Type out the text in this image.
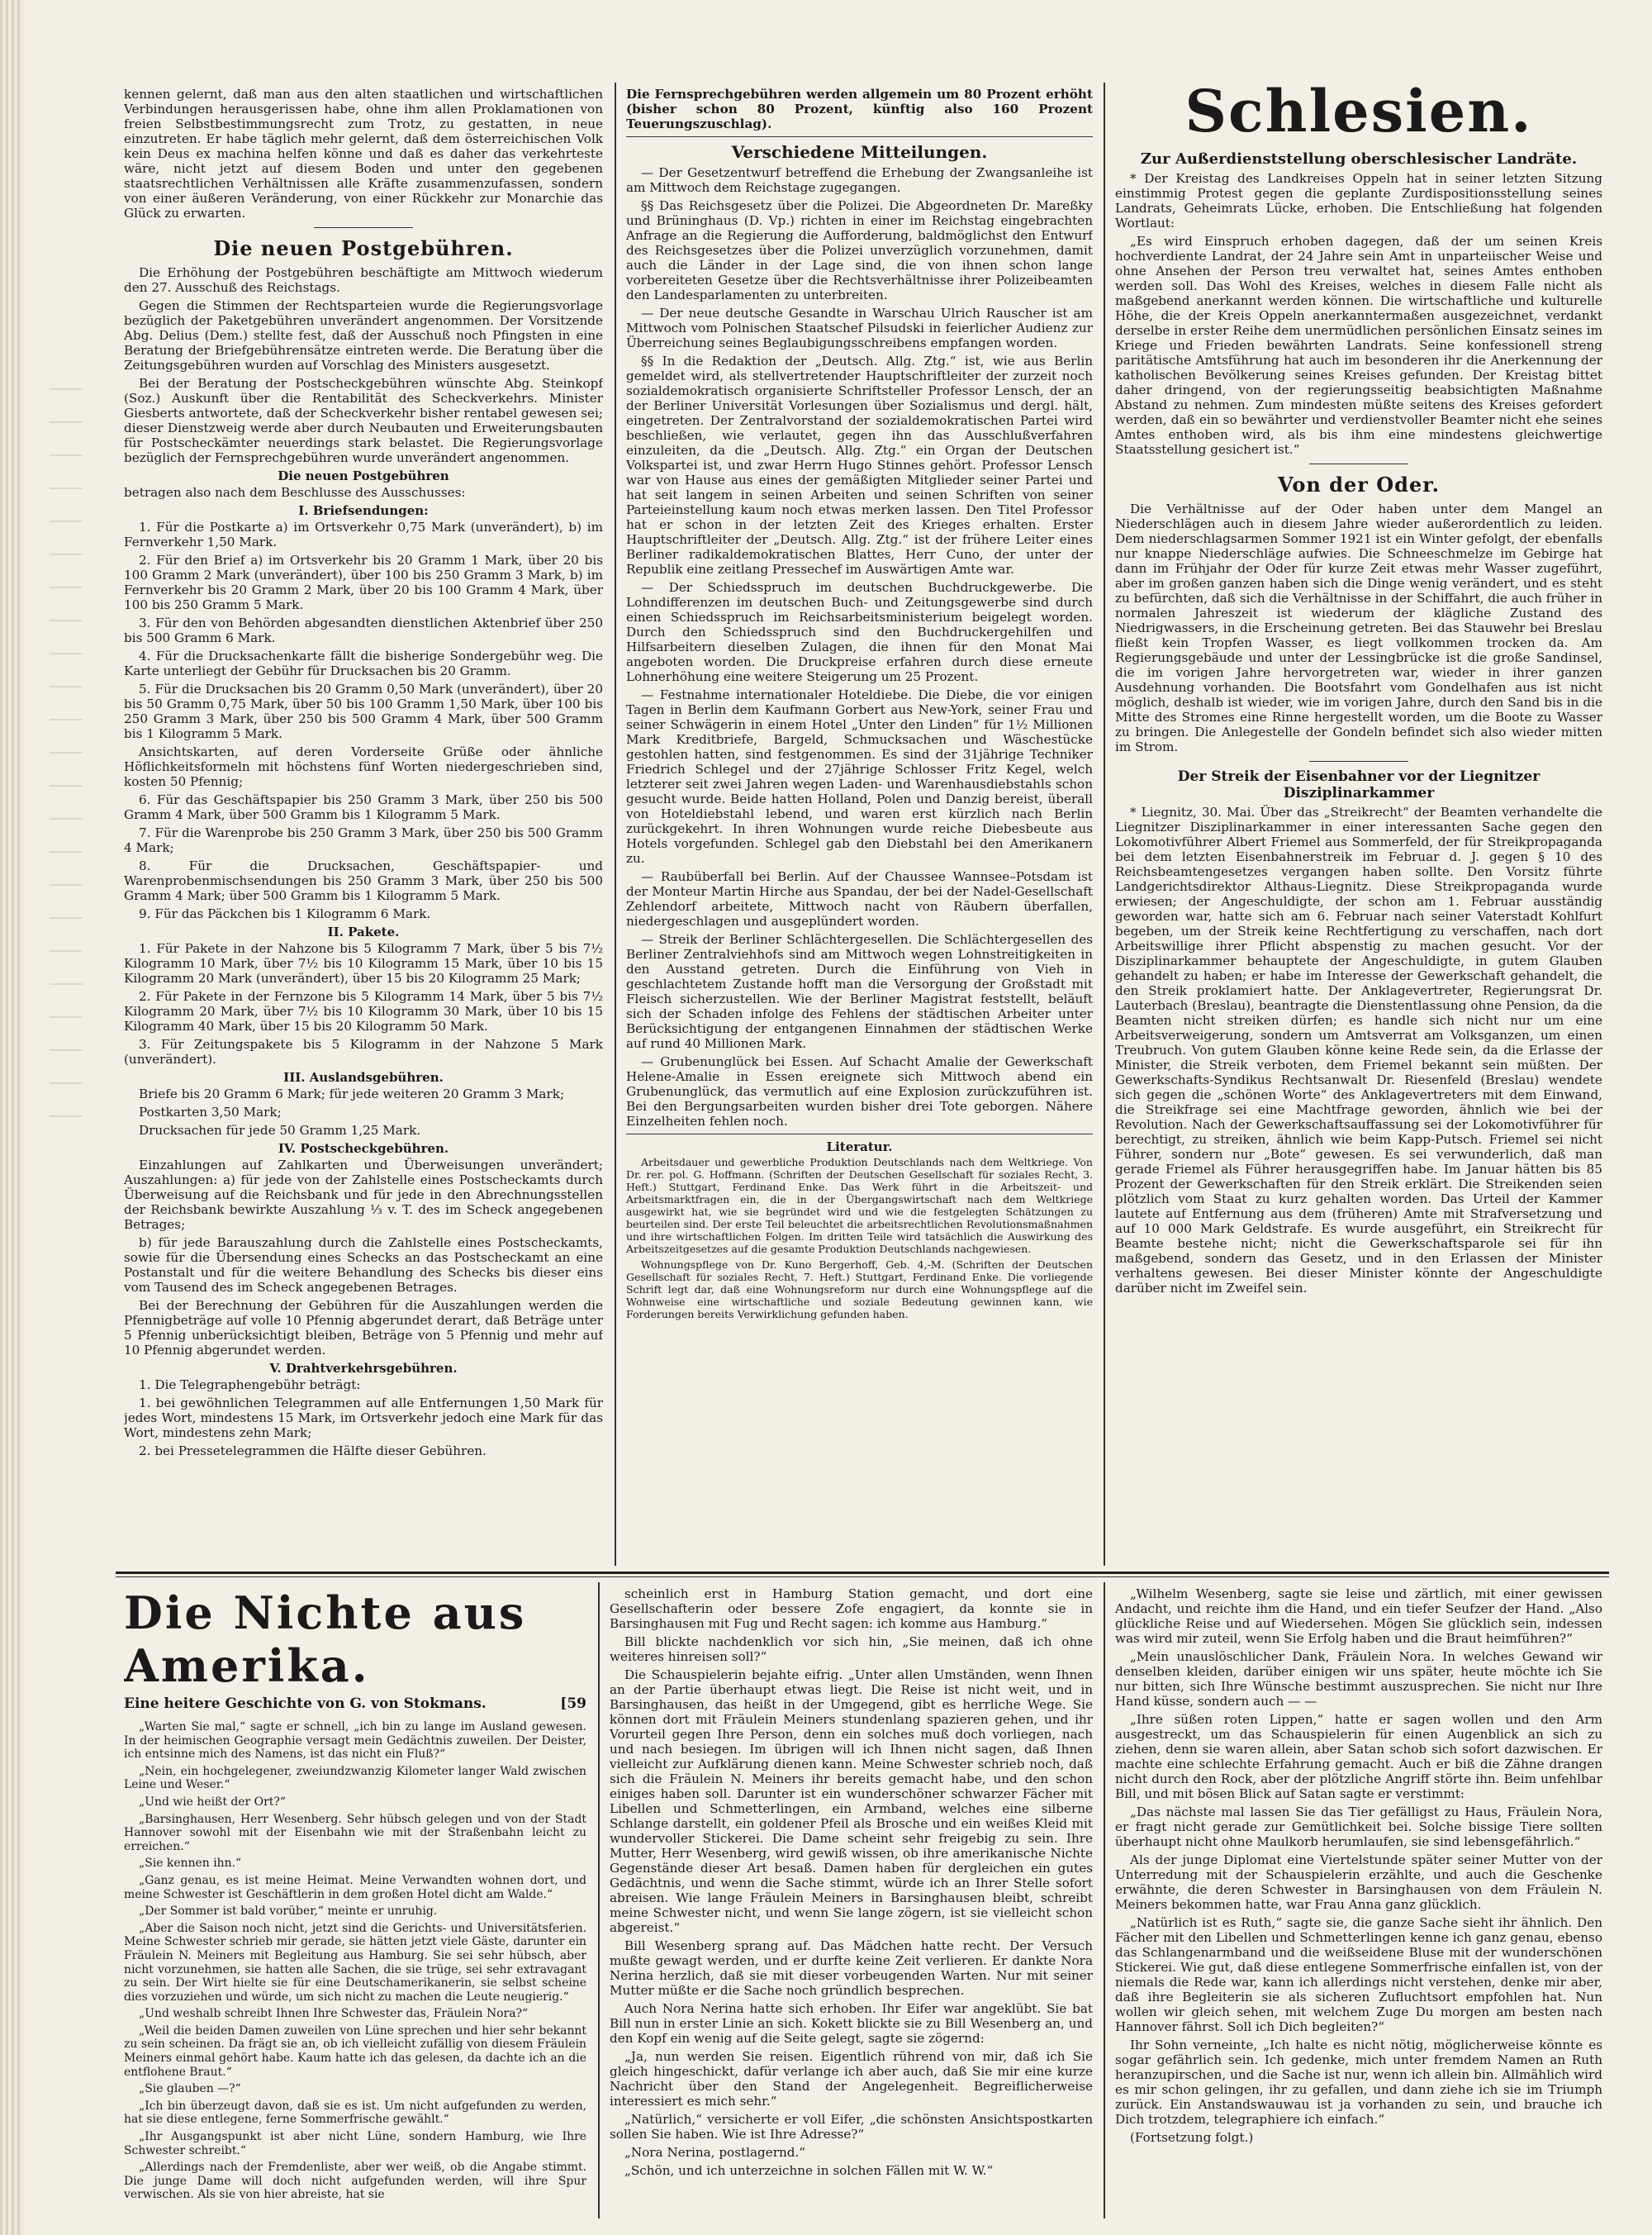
kennen gelernt, daß man aus den alten staatlichen und wirtschaftlichen Verbindungen herausgerissen habe, ohne ihm allen Proklamationen von freien Selbstbestimmungsrecht zum Trotz, zu gestatten, in neue einzutreten. Er habe täglich mehr gelernt, daß dem österreichischen Volk kein Deus ex machina helfen könne und daß es daher das verkehrteste wäre, nicht jetzt auf diesem Boden und unter den gegebenen staatsrechtlichen Verhältnissen alle Kräfte zusammenzufassen, sondern von einer äußeren Veränderung, von einer Rückkehr zur Monarchie das Glück zu erwarten.

Die neuen Postgebühren.

Die Erhöhung der Postgebühren beschäftigte am Mittwoch wiederum den 27. Ausschuß des Reichstags.

Gegen die Stimmen der Rechtsparteien wurde die Regierungsvorlage bezüglich der Paketgebühren unverändert angenommen. Der Vorsitzende Abg. Delius (Dem.) stellte fest, daß der Ausschuß noch Pfingsten in eine Beratung der Briefgebührensätze eintreten werde. Die Beratung über die Zeitungsgebühren wurden auf Vorschlag des Ministers ausgesetzt.

Bei der Beratung der Postscheckgebühren wünschte Abg. Steinkopf (Soz.) Auskunft über die Rentabilität des Scheckverkehrs. Minister Giesberts antwortete, daß der Scheckverkehr bisher rentabel gewesen sei; dieser Dienstzweig werde aber durch Neubauten und Erweiterungsbauten für Postscheckämter neuerdings stark belastet. Die Regierungsvorlage bezüglich der Fernsprechgebühren wurde unverändert angenommen.

Die neuen Postgebühren

betragen also nach dem Beschlusse des Ausschusses:

I. Briefsendungen:

1. Für die Postkarte a) im Ortsverkehr 0,75 Mark (unverändert), b) im Fernverkehr 1,50 Mark.

2. Für den Brief a) im Ortsverkehr bis 20 Gramm 1 Mark, über 20 bis 100 Gramm 2 Mark (unverändert), über 100 bis 250 Gramm 3 Mark, b) im Fernverkehr bis 20 Gramm 2 Mark, über 20 bis 100 Gramm 4 Mark, über 100 bis 250 Gramm 5 Mark.

3. Für den von Behörden abgesandten dienstlichen Aktenbrief über 250 bis 500 Gramm 6 Mark.

4. Für die Drucksachenkarte fällt die bisherige Sondergebühr weg. Die Karte unterliegt der Gebühr für Drucksachen bis 20 Gramm.

5. Für die Drucksachen bis 20 Gramm 0,50 Mark (unverändert), über 20 bis 50 Gramm 0,75 Mark, über 50 bis 100 Gramm 1,50 Mark, über 100 bis 250 Gramm 3 Mark, über 250 bis 500 Gramm 4 Mark, über 500 Gramm bis 1 Kilogramm 5 Mark.

Ansichtskarten, auf deren Vorderseite Grüße oder ähnliche Höflichkeitsformeln mit höchstens fünf Worten niedergeschrieben sind, kosten 50 Pfennig;

6. Für das Geschäftspapier bis 250 Gramm 3 Mark, über 250 bis 500 Gramm 4 Mark, über 500 Gramm bis 1 Kilogramm 5 Mark.

7. Für die Warenprobe bis 250 Gramm 3 Mark, über 250 bis 500 Gramm 4 Mark;

8. Für die Drucksachen, Geschäftspapier- und Warenprobenmischsendungen bis 250 Gramm 3 Mark, über 250 bis 500 Gramm 4 Mark; über 500 Gramm bis 1 Kilogramm 5 Mark.

9. Für das Päckchen bis 1 Kilogramm 6 Mark.

II. Pakete.

1. Für Pakete in der Nahzone bis 5 Kilogramm 7 Mark, über 5 bis 7½ Kilogramm 10 Mark, über 7½ bis 10 Kilogramm 15 Mark, über 10 bis 15 Kilogramm 20 Mark (unverändert), über 15 bis 20 Kilogramm 25 Mark;

2. Für Pakete in der Fernzone bis 5 Kilogramm 14 Mark, über 5 bis 7½ Kilogramm 20 Mark, über 7½ bis 10 Kilogramm 30 Mark, über 10 bis 15 Kilogramm 40 Mark, über 15 bis 20 Kilogramm 50 Mark.

3. Für Zeitungspakete bis 5 Kilogramm in der Nahzone 5 Mark (unverändert).

III. Auslandsgebühren.

Briefe bis 20 Gramm 6 Mark; für jede weiteren 20 Gramm 3 Mark;

Postkarten 3,50 Mark;

Drucksachen für jede 50 Gramm 1,25 Mark.

IV. Postscheckgebühren.

Einzahlungen auf Zahlkarten und Überweisungen unverändert; Auszahlungen: a) für jede von der Zahlstelle eines Postscheckamts durch Überweisung auf die Reichsbank und für jede in den Abrechnungsstellen der Reichsbank bewirkte Auszahlung ⅓ v. T. des im Scheck angegebenen Betrages;

b) für jede Barauszahlung durch die Zahlstelle eines Postscheckamts, sowie für die Übersendung eines Schecks an das Postscheckamt an eine Postanstalt und für die weitere Behandlung des Schecks bis dieser eins vom Tausend des im Scheck angegebenen Betrages.

Bei der Berechnung der Gebühren für die Auszahlungen werden die Pfennigbeträge auf volle 10 Pfennig abgerundet derart, daß Beträge unter 5 Pfennig unberücksichtigt bleiben, Beträge von 5 Pfennig und mehr auf 10 Pfennig abgerundet werden.

V. Drahtverkehrsgebühren.

1. Die Telegraphengebühr beträgt:

1. bei gewöhnlichen Telegrammen auf alle Entfernungen 1,50 Mark für jedes Wort, mindestens 15 Mark, im Ortsverkehr jedoch eine Mark für das Wort, mindestens zehn Mark;

2. bei Pressetelegrammen die Hälfte dieser Gebühren.

Die Fernsprechgebühren werden allgemein um 80 Prozent erhöht (bisher schon 80 Prozent, künftig also 160 Prozent Teuerungszuschlag).

Verschiedene Mitteilungen.

— Der Gesetzentwurf betreffend die Erhebung der Zwangsanleihe ist am Mittwoch dem Reichstage zugegangen.

§§ Das Reichsgesetz über die Polizei. Die Abgeordneten Dr. Mareßky und Brüninghaus (D. Vp.) richten in einer im Reichstag eingebrachten Anfrage an die Regierung die Aufforderung, baldmöglichst den Entwurf des Reichsgesetzes über die Polizei unverzüglich vorzunehmen, damit auch die Länder in der Lage sind, die von ihnen schon lange vorbereiteten Gesetze über die Rechtsverhältnisse ihrer Polizeibeamten den Landesparlamenten zu unterbreiten.

— Der neue deutsche Gesandte in Warschau Ulrich Rauscher ist am Mittwoch vom Polnischen Staatschef Pilsudski in feierlicher Audienz zur Überreichung seines Beglaubigungsschreibens empfangen worden.

§§ In die Redaktion der „Deutsch. Allg. Ztg.“ ist, wie aus Berlin gemeldet wird, als stellvertretender Hauptschriftleiter der zurzeit noch sozialdemokratisch organisierte Schriftsteller Professor Lensch, der an der Berliner Universität Vorlesungen über Sozialismus und dergl. hält, eingetreten. Der Zentralvorstand der sozialdemokratischen Partei wird beschließen, wie verlautet, gegen ihn das Ausschlußverfahren einzuleiten, da die „Deutsch. Allg. Ztg.“ ein Organ der Deutschen Volkspartei ist, und zwar Herrn Hugo Stinnes gehört. Professor Lensch war von Hause aus eines der gemäßigten Mitglieder seiner Partei und hat seit langem in seinen Arbeiten und seinen Schriften von seiner Parteieinstellung kaum noch etwas merken lassen. Den Titel Professor hat er schon in der letzten Zeit des Krieges erhalten. Erster Hauptschriftleiter der „Deutsch. Allg. Ztg.“ ist der frühere Leiter eines Berliner radikaldemokratischen Blattes, Herr Cuno, der unter der Republik eine zeitlang Pressechef im Auswärtigen Amte war.

— Der Schiedsspruch im deutschen Buchdruckgewerbe. Die Lohndifferenzen im deutschen Buch- und Zeitungsgewerbe sind durch einen Schiedsspruch im Reichsarbeitsministerium beigelegt worden. Durch den Schiedsspruch sind den Buchdruckergehilfen und Hilfsarbeitern dieselben Zulagen, die ihnen für den Monat Mai angeboten worden. Die Druckpreise erfahren durch diese erneute Lohnerhöhung eine weitere Steigerung um 25 Prozent.

— Festnahme internationaler Hoteldiebe. Die Diebe, die vor einigen Tagen in Berlin dem Kaufmann Gorbert aus New-York, seiner Frau und seiner Schwägerin in einem Hotel „Unter den Linden“ für 1½ Millionen Mark Kreditbriefe, Bargeld, Schmucksachen und Wäschestücke gestohlen hatten, sind festgenommen. Es sind der 31jährige Techniker Friedrich Schlegel und der 27jährige Schlosser Fritz Kegel, welch letzterer seit zwei Jahren wegen Laden- und Warenhausdiebstahls schon gesucht wurde. Beide hatten Holland, Polen und Danzig bereist, überall von Hoteldiebstahl lebend, und waren erst kürzlich nach Berlin zurückgekehrt. In ihren Wohnungen wurde reiche Diebesbeute aus Hotels vorgefunden. Schlegel gab den Diebstahl bei den Amerikanern zu.

— Raubüberfall bei Berlin. Auf der Chaussee Wannsee–Potsdam ist der Monteur Martin Hirche aus Spandau, der bei der Nadel-Gesellschaft Zehlendorf arbeitete, Mittwoch nacht von Räubern überfallen, niedergeschlagen und ausgeplündert worden.

— Streik der Berliner Schlächtergesellen. Die Schlächtergesellen des Berliner Zentralviehhofs sind am Mittwoch wegen Lohnstreitigkeiten in den Ausstand getreten. Durch die Einführung von Vieh in geschlachtetem Zustande hofft man die Versorgung der Großstadt mit Fleisch sicherzustellen. Wie der Berliner Magistrat feststellt, beläuft sich der Schaden infolge des Fehlens der städtischen Arbeiter unter Berücksichtigung der entgangenen Einnahmen der städtischen Werke auf rund 40 Millionen Mark.

— Grubenunglück bei Essen. Auf Schacht Amalie der Gewerkschaft Helene-Amalie in Essen ereignete sich Mittwoch abend ein Grubenunglück, das vermutlich auf eine Explosion zurückzuführen ist. Bei den Bergungsarbeiten wurden bisher drei Tote geborgen. Nähere Einzelheiten fehlen noch.

Literatur.

Arbeitsdauer und gewerbliche Produktion Deutschlands nach dem Weltkriege. Von Dr. rer. pol. G. Hoffmann. (Schriften der Deutschen Gesellschaft für soziales Recht, 3. Heft.) Stuttgart, Ferdinand Enke. Das Werk führt in die Arbeitszeit- und Arbeitsmarktfragen ein, die in der Übergangswirtschaft nach dem Weltkriege ausgewirkt hat, wie sie begründet wird und wie die festgelegten Schätzungen zu beurteilen sind. Der erste Teil beleuchtet die arbeitsrechtlichen Revolutionsmaßnahmen und ihre wirtschaftlichen Folgen. Im dritten Teile wird tatsächlich die Auswirkung des Arbeitszeitgesetzes auf die gesamte Produktion Deutschlands nachgewiesen.

Wohnungspflege von Dr. Kuno Bergerhoff, Geb. 4,-M. (Schriften der Deutschen Gesellschaft für soziales Recht, 7. Heft.) Stuttgart, Ferdinand Enke. Die vorliegende Schrift legt dar, daß eine Wohnungsreform nur durch eine Wohnungspflege auf die Wohnweise eine wirtschaftliche und soziale Bedeutung gewinnen kann, wie Forderungen bereits Verwirklichung gefunden haben.

Schlesien.
Zur Außerdienststellung oberschlesischer Landräte.

* Der Kreistag des Landkreises Oppeln hat in seiner letzten Sitzung einstimmig Protest gegen die geplante Zurdispositionsstellung seines Landrats, Geheimrats Lücke, erhoben. Die Entschließung hat folgenden Wortlaut:

„Es wird Einspruch erhoben dagegen, daß der um seinen Kreis hochverdiente Landrat, der 24 Jahre sein Amt in unparteiischer Weise und ohne Ansehen der Person treu verwaltet hat, seines Amtes enthoben werden soll. Das Wohl des Kreises, welches in diesem Falle nicht als maßgebend anerkannt werden können. Die wirtschaftliche und kulturelle Höhe, die der Kreis Oppeln anerkanntermaßen ausgezeichnet, verdankt derselbe in erster Reihe dem unermüdlichen persönlichen Einsatz seines im Kriege und Frieden bewährten Landrats. Seine konfessionell streng paritätische Amtsführung hat auch im besonderen ihr die Anerkennung der katholischen Bevölkerung seines Kreises gefunden. Der Kreistag bittet daher dringend, von der regierungsseitig beabsichtigten Maßnahme Abstand zu nehmen. Zum mindesten müßte seitens des Kreises gefordert werden, daß ein so bewährter und verdienstvoller Beamter nicht ehe seines Amtes enthoben wird, als bis ihm eine mindestens gleichwertige Staatsstellung gesichert ist.“

Von der Oder.

Die Verhältnisse auf der Oder haben unter dem Mangel an Niederschlägen auch in diesem Jahre wieder außerordentlich zu leiden. Dem niederschlagsarmen Sommer 1921 ist ein Winter gefolgt, der ebenfalls nur knappe Niederschläge aufwies. Die Schneeschmelze im Gebirge hat dann im Frühjahr der Oder für kurze Zeit etwas mehr Wasser zugeführt, aber im großen ganzen haben sich die Dinge wenig verändert, und es steht zu befürchten, daß sich die Verhältnisse in der Schiffahrt, die auch früher in normalen Jahreszeit ist wiederum der klägliche Zustand des Niedrigwassers, in die Erscheinung getreten. Bei das Stauwehr bei Breslau fließt kein Tropfen Wasser, es liegt vollkommen trocken da. Am Regierungsgebäude und unter der Lessingbrücke ist die große Sandinsel, die im vorigen Jahre hervorgetreten war, wieder in ihrer ganzen Ausdehnung vorhanden. Die Bootsfahrt vom Gondelhafen aus ist nicht möglich, deshalb ist wieder, wie im vorigen Jahre, durch den Sand bis in die Mitte des Stromes eine Rinne hergestellt worden, um die Boote zu Wasser zu bringen. Die Anlegestelle der Gondeln befindet sich also wieder mitten im Strom.

Der Streik der Eisenbahner vor der Liegnitzer Disziplinarkammer

* Liegnitz, 30. Mai. Über das „Streikrecht“ der Beamten verhandelte die Liegnitzer Disziplinarkammer in einer interessanten Sache gegen den Lokomotivführer Albert Friemel aus Sommerfeld, der für Streikpropaganda bei dem letzten Eisenbahnerstreik im Februar d. J. gegen § 10 des Reichsbeamtengesetzes vergangen haben sollte. Den Vorsitz führte Landgerichtsdirektor Althaus-Liegnitz. Diese Streikpropaganda wurde erwiesen; der Angeschuldigte, der schon am 1. Februar ausständig geworden war, hatte sich am 6. Februar nach seiner Vaterstadt Kohlfurt begeben, um der Streik keine Rechtfertigung zu verschaffen, nach dort Arbeitswillige ihrer Pflicht abspenstig zu machen gesucht. Vor der Disziplinarkammer behauptete der Angeschuldigte, in gutem Glauben gehandelt zu haben; er habe im Interesse der Gewerkschaft gehandelt, die den Streik proklamiert hatte. Der Anklagevertreter, Regierungsrat Dr. Lauterbach (Breslau), beantragte die Dienstentlassung ohne Pension, da die Beamten nicht streiken dürfen; es handle sich nicht nur um eine Arbeitsverweigerung, sondern um Amtsverrat am Volksganzen, um einen Treubruch. Von gutem Glauben könne keine Rede sein, da die Erlasse der Minister, die Streik verboten, dem Friemel bekannt sein müßten. Der Gewerkschafts-Syndikus Rechtsanwalt Dr. Riesenfeld (Breslau) wendete sich gegen die „schönen Worte“ des Anklagevertreters mit dem Einwand, die Streikfrage sei eine Machtfrage geworden, ähnlich wie bei der Revolution. Nach der Gewerkschaftsauffassung sei der Lokomotivführer für berechtigt, zu streiken, ähnlich wie beim Kapp-Putsch. Friemel sei nicht Führer, sondern nur „Bote“ gewesen. Es sei verwunderlich, daß man gerade Friemel als Führer herausgegriffen habe. Im Januar hätten bis 85 Prozent der Gewerkschaften für den Streik erklärt. Die Streikenden seien plötzlich vom Staat zu kurz gehalten worden. Das Urteil der Kammer lautete auf Entfernung aus dem (früheren) Amte mit Strafversetzung und auf 10 000 Mark Geldstrafe. Es wurde ausgeführt, ein Streikrecht für Beamte bestehe nicht; nicht die Gewerkschaftsparole sei für ihn maßgebend, sondern das Gesetz, und in den Erlassen der Minister verhaltens gewesen. Bei dieser Minister könnte der Angeschuldigte darüber nicht im Zweifel sein.

Die Nichte aus Amerika.
Eine heitere Geschichte von G. von Stokmans.	[59

„Warten Sie mal,“ sagte er schnell, „ich bin zu lange im Ausland gewesen. In der heimischen Geographie versagt mein Gedächtnis zuweilen. Der Deister, ich entsinne mich des Namens, ist das nicht ein Fluß?“

„Nein, ein hochgelegener, zweiundzwanzig Kilometer langer Wald zwischen Leine und Weser.“

„Und wie heißt der Ort?“

„Barsinghausen, Herr Wesenberg. Sehr hübsch gelegen und von der Stadt Hannover sowohl mit der Eisenbahn wie mit der Straßenbahn leicht zu erreichen.“

„Sie kennen ihn.“

„Ganz genau, es ist meine Heimat. Meine Verwandten wohnen dort, und meine Schwester ist Geschäftlerin in dem großen Hotel dicht am Walde.“

„Der Sommer ist bald vorüber,“ meinte er unruhig.

„Aber die Saison noch nicht, jetzt sind die Gerichts- und Universitätsferien. Meine Schwester schrieb mir gerade, sie hätten jetzt viele Gäste, darunter ein Fräulein N. Meiners mit Begleitung aus Hamburg. Sie sei sehr hübsch, aber nicht vorzunehmen, sie hatten alle Sachen, die sie trüge, sei sehr extravagant zu sein. Der Wirt hielte sie für eine Deutschamerikanerin, sie selbst scheine dies vorzuziehen und würde, um sich nicht zu machen die Leute neugierig.“

„Und weshalb schreibt Ihnen Ihre Schwester das, Fräulein Nora?“

„Weil die beiden Damen zuweilen von Lüne sprechen und hier sehr bekannt zu sein scheinen. Da frägt sie an, ob ich vielleicht zufällig von diesem Fräulein Meiners einmal gehört habe. Kaum hatte ich das gelesen, da dachte ich an die entflohene Braut.“

„Sie glauben —?“

„Ich bin überzeugt davon, daß sie es ist. Um nicht aufgefunden zu werden, hat sie diese entlegene, ferne Sommerfrische gewählt.“

„Ihr Ausgangspunkt ist aber nicht Lüne, sondern Hamburg, wie Ihre Schwester schreibt.“

„Allerdings nach der Fremdenliste, aber wer weiß, ob die Angabe stimmt. Die junge Dame will doch nicht aufgefunden werden, will ihre Spur verwischen. Als sie von hier abreiste, hat sie

scheinlich erst in Hamburg Station gemacht, und dort eine Gesellschafterin oder bessere Zofe engagiert, da konnte sie in Barsinghausen mit Fug und Recht sagen: ich komme aus Hamburg.“

Bill blickte nachdenklich vor sich hin, „Sie meinen, daß ich ohne weiteres hinreisen soll?“

Die Schauspielerin bejahte eifrig. „Unter allen Umständen, wenn Ihnen an der Partie überhaupt etwas liegt. Die Reise ist nicht weit, und in Barsinghausen, das heißt in der Umgegend, gibt es herrliche Wege. Sie können dort mit Fräulein Meiners stundenlang spazieren gehen, und ihr Vorurteil gegen Ihre Person, denn ein solches muß doch vorliegen, nach und nach besiegen. Im übrigen will ich Ihnen nicht sagen, daß Ihnen vielleicht zur Aufklärung dienen kann. Meine Schwester schrieb noch, daß sich die Fräulein N. Meiners ihr bereits gemacht habe, und den schon einiges haben soll. Darunter ist ein wunderschöner schwarzer Fächer mit Libellen und Schmetterlingen, ein Armband, welches eine silberne Schlange darstellt, ein goldener Pfeil als Brosche und ein weißes Kleid mit wundervoller Stickerei. Die Dame scheint sehr freigebig zu sein. Ihre Mutter, Herr Wesenberg, wird gewiß wissen, ob ihre amerikanische Nichte Gegenstände dieser Art besaß. Damen haben für dergleichen ein gutes Gedächtnis, und wenn die Sache stimmt, würde ich an Ihrer Stelle sofort abreisen. Wie lange Fräulein Meiners in Barsinghausen bleibt, schreibt meine Schwester nicht, und wenn Sie lange zögern, ist sie vielleicht schon abgereist.“

Bill Wesenberg sprang auf. Das Mädchen hatte recht. Der Versuch mußte gewagt werden, und er durfte keine Zeit verlieren. Er dankte Nora Nerina herzlich, daß sie mit dieser vorbeugenden Warten. Nur mit seiner Mutter müßte er die Sache noch gründlich besprechen.

Auch Nora Nerina hatte sich erhoben. Ihr Eifer war angeklübt. Sie bat Bill nun in erster Linie an sich. Kokett blickte sie zu Bill Wesenberg an, und den Kopf ein wenig auf die Seite gelegt, sagte sie zögernd:

„Ja, nun werden Sie reisen. Eigentlich rührend von mir, daß ich Sie gleich hingeschickt, dafür verlange ich aber auch, daß Sie mir eine kurze Nachricht über den Stand der Angelegenheit. Begreiflicherweise interessiert es mich sehr.“

„Natürlich,“ versicherte er voll Eifer, „die schönsten Ansichtspostkarten sollen Sie haben. Wie ist Ihre Adresse?“

„Nora Nerina, postlagernd.“

„Schön, und ich unterzeichne in solchen Fällen mit W. W.“

„Wilhelm Wesenberg, sagte sie leise und zärtlich, mit einer gewissen Andacht, und reichte ihm die Hand, und ein tiefer Seufzer der Hand. „Also glückliche Reise und auf Wiedersehen. Mögen Sie glücklich sein, indessen was wird mir zuteil, wenn Sie Erfolg haben und die Braut heimführen?“

„Mein unauslöschlicher Dank, Fräulein Nora. In welches Gewand wir denselben kleiden, darüber einigen wir uns später, heute möchte ich Sie nur bitten, sich Ihre Wünsche bestimmt auszusprechen. Sie nicht nur Ihre Hand küsse, sondern auch — —

„Ihre süßen roten Lippen,“ hatte er sagen wollen und den Arm ausgestreckt, um das Schauspielerin für einen Augenblick an sich zu ziehen, denn sie waren allein, aber Satan schob sich sofort dazwischen. Er machte eine schlechte Erfahrung gemacht. Auch er biß die Zähne drangen nicht durch den Rock, aber der plötzliche Angriff störte ihn. Beim unfehlbar Bill, und mit bösen Blick auf Satan sagte er verstimmt:

„Das nächste mal lassen Sie das Tier gefälligst zu Haus, Fräulein Nora, er fragt nicht gerade zur Gemütlichkeit bei. Solche bissige Tiere sollten überhaupt nicht ohne Maulkorb herumlaufen, sie sind lebensgefährlich.“

Als der junge Diplomat eine Viertelstunde später seiner Mutter von der Unterredung mit der Schauspielerin erzählte, und auch die Geschenke erwähnte, die deren Schwester in Barsinghausen von dem Fräulein N. Meiners bekommen hatte, war Frau Anna ganz glücklich.

„Natürlich ist es Ruth,“ sagte sie, die ganze Sache sieht ihr ähnlich. Den Fächer mit den Libellen und Schmetterlingen kenne ich ganz genau, ebenso das Schlangenarmband und die weißseidene Bluse mit der wunderschönen Stickerei. Wie gut, daß diese entlegene Sommerfrische einfallen ist, von der niemals die Rede war, kann ich allerdings nicht verstehen, denke mir aber, daß ihre Begleiterin sie als sicheren Zufluchtsort empfohlen hat. Nun wollen wir gleich sehen, mit welchem Zuge Du morgen am besten nach Hannover fährst. Soll ich Dich begleiten?“

Ihr Sohn verneinte, „Ich halte es nicht nötig, möglicherweise könnte es sogar gefährlich sein. Ich gedenke, mich unter fremdem Namen an Ruth heranzupirschen, und die Sache ist nur, wenn ich allein bin. Allmählich wird es mir schon gelingen, ihr zu gefallen, und dann ziehe ich sie im Triumph zurück. Ein Anstandswauwau ist ja vorhanden zu sein, und brauche ich Dich trotzdem, telegraphiere ich einfach.“

(Fortsetzung folgt.)
